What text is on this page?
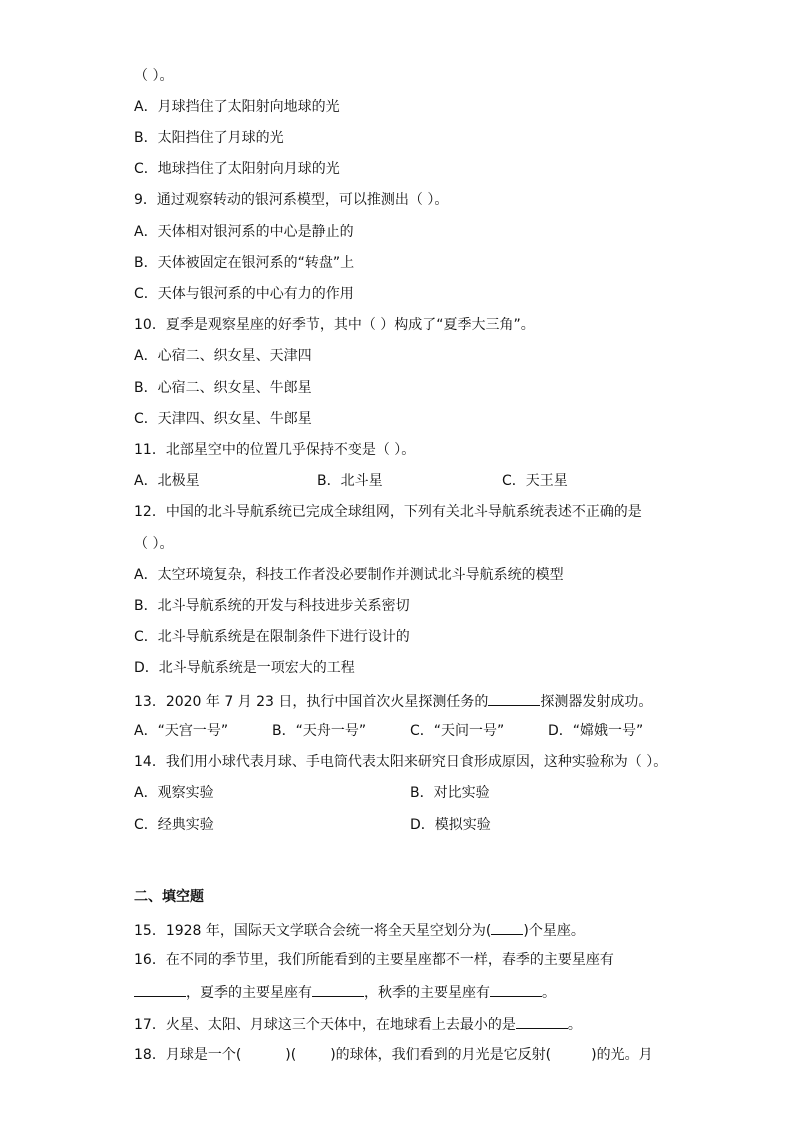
（ ）。
A．月球挡住了太阳射向地球的光
B．太阳挡住了月球的光
C．地球挡住了太阳射向月球的光
9．通过观察转动的银河系模型，可以推测出（ ）。
A．天体相对银河系的中心是静止的
B．天体被固定在银河系的“转盘”上
C．天体与银河系的中心有力的作用
10．夏季是观察星座的好季节，其中（ ）构成了“夏季大三角”。
A．心宿二、织女星、天津四
B．心宿二、织女星、牛郎星
C．天津四、织女星、牛郎星
11．北部星空中的位置几乎保持不变是（ ）。
A．北极星	B．北斗星	C．天王星
12．中国的北斗导航系统已完成全球组网，下列有关北斗导航系统表述不正确的是
（ ）。
A．太空环境复杂，科技工作者没必要制作并测试北斗导航系统的模型
B．北斗导航系统的开发与科技进步关系密切
C．北斗导航系统是在限制条件下进行设计的
D．北斗导航系统是一项宏大的工程
13．2020 年 7 月 23 日，执行中国首次火星探测任务的	探测器发射成功。
A．“天宫一号”	B．“天舟一号”	C．“天问一号”	D．“嫦娥一号”
14．我们用小球代表月球、手电筒代表太阳来研究日食形成原因，这种实验称为（ ）。
A．观察实验	B．对比实验
C．经典实验	D．模拟实验
二、填空题
15．1928 年，国际天文学联合会统一将全天星空划分为( )个星座。
16．在不同的季节里，我们所能看到的主要星座都不一样，春季的主要星座有
，夏季的主要星座有	，秋季的主要星座有	。
17．火星、太阳、月球这三个天体中，在地球看上去最小的是	。
18．月球是一个(	)( )的球体，我们看到的月光是它反射(	)的光。月
